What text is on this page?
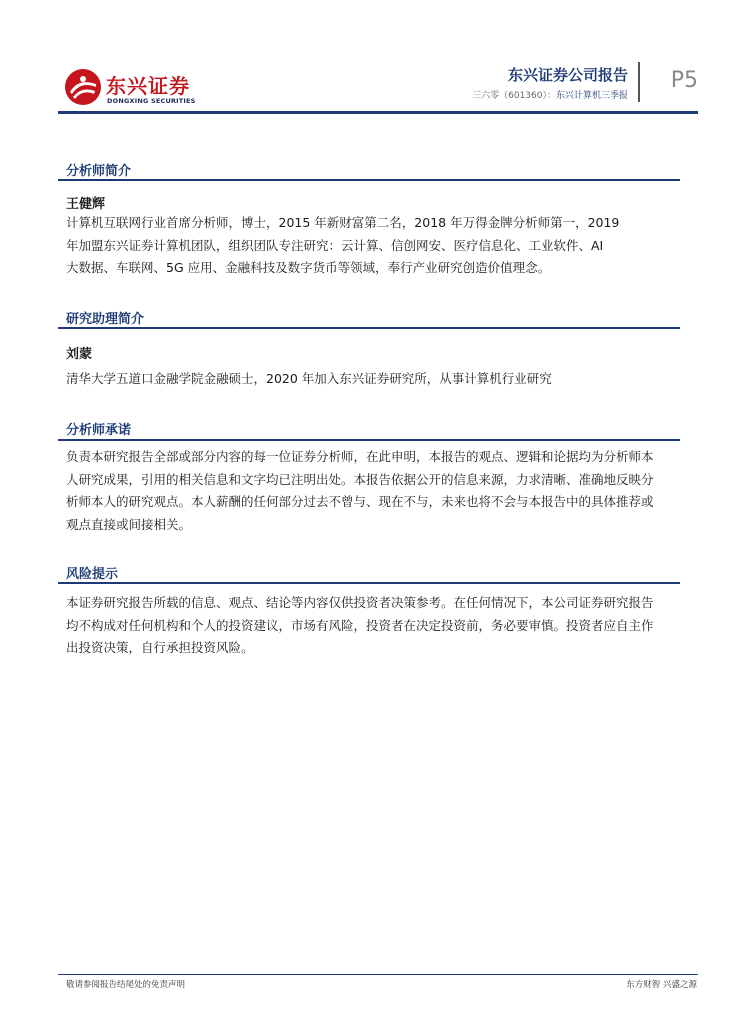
东兴证券
DONGXING SECURITIES
东兴证券公司报告
三六零（601360）：东兴计算机三季报
P5
分析师简介
王健辉
计算机互联网行业首席分析师，博士，2015 年新财富第二名，2018 年万得金牌分析师第一，2019
年加盟东兴证券计算机团队，组织团队专注研究：云计算、信创网安、医疗信息化、工业软件、AI
大数据、车联网、5G 应用、金融科技及数字货币等领域，奉行产业研究创造价值理念。
研究助理简介
刘蒙
清华大学五道口金融学院金融硕士，2020 年加入东兴证券研究所，从事计算机行业研究
分析师承诺
负责本研究报告全部或部分内容的每一位证券分析师，在此申明，本报告的观点、逻辑和论据均为分析师本
人研究成果，引用的相关信息和文字均已注明出处。本报告依据公开的信息来源，力求清晰、准确地反映分
析师本人的研究观点。本人薪酬的任何部分过去不曾与、现在不与，未来也将不会与本报告中的具体推荐或
观点直接或间接相关。
风险提示
本证券研究报告所载的信息、观点、结论等内容仅供投资者决策参考。在任何情况下，本公司证券研究报告
均不构成对任何机构和个人的投资建议，市场有风险，投资者在决定投资前，务必要审慎。投资者应自主作
出投资决策，自行承担投资风险。
敬请参阅报告结尾处的免责声明	东方财智 兴盛之源
